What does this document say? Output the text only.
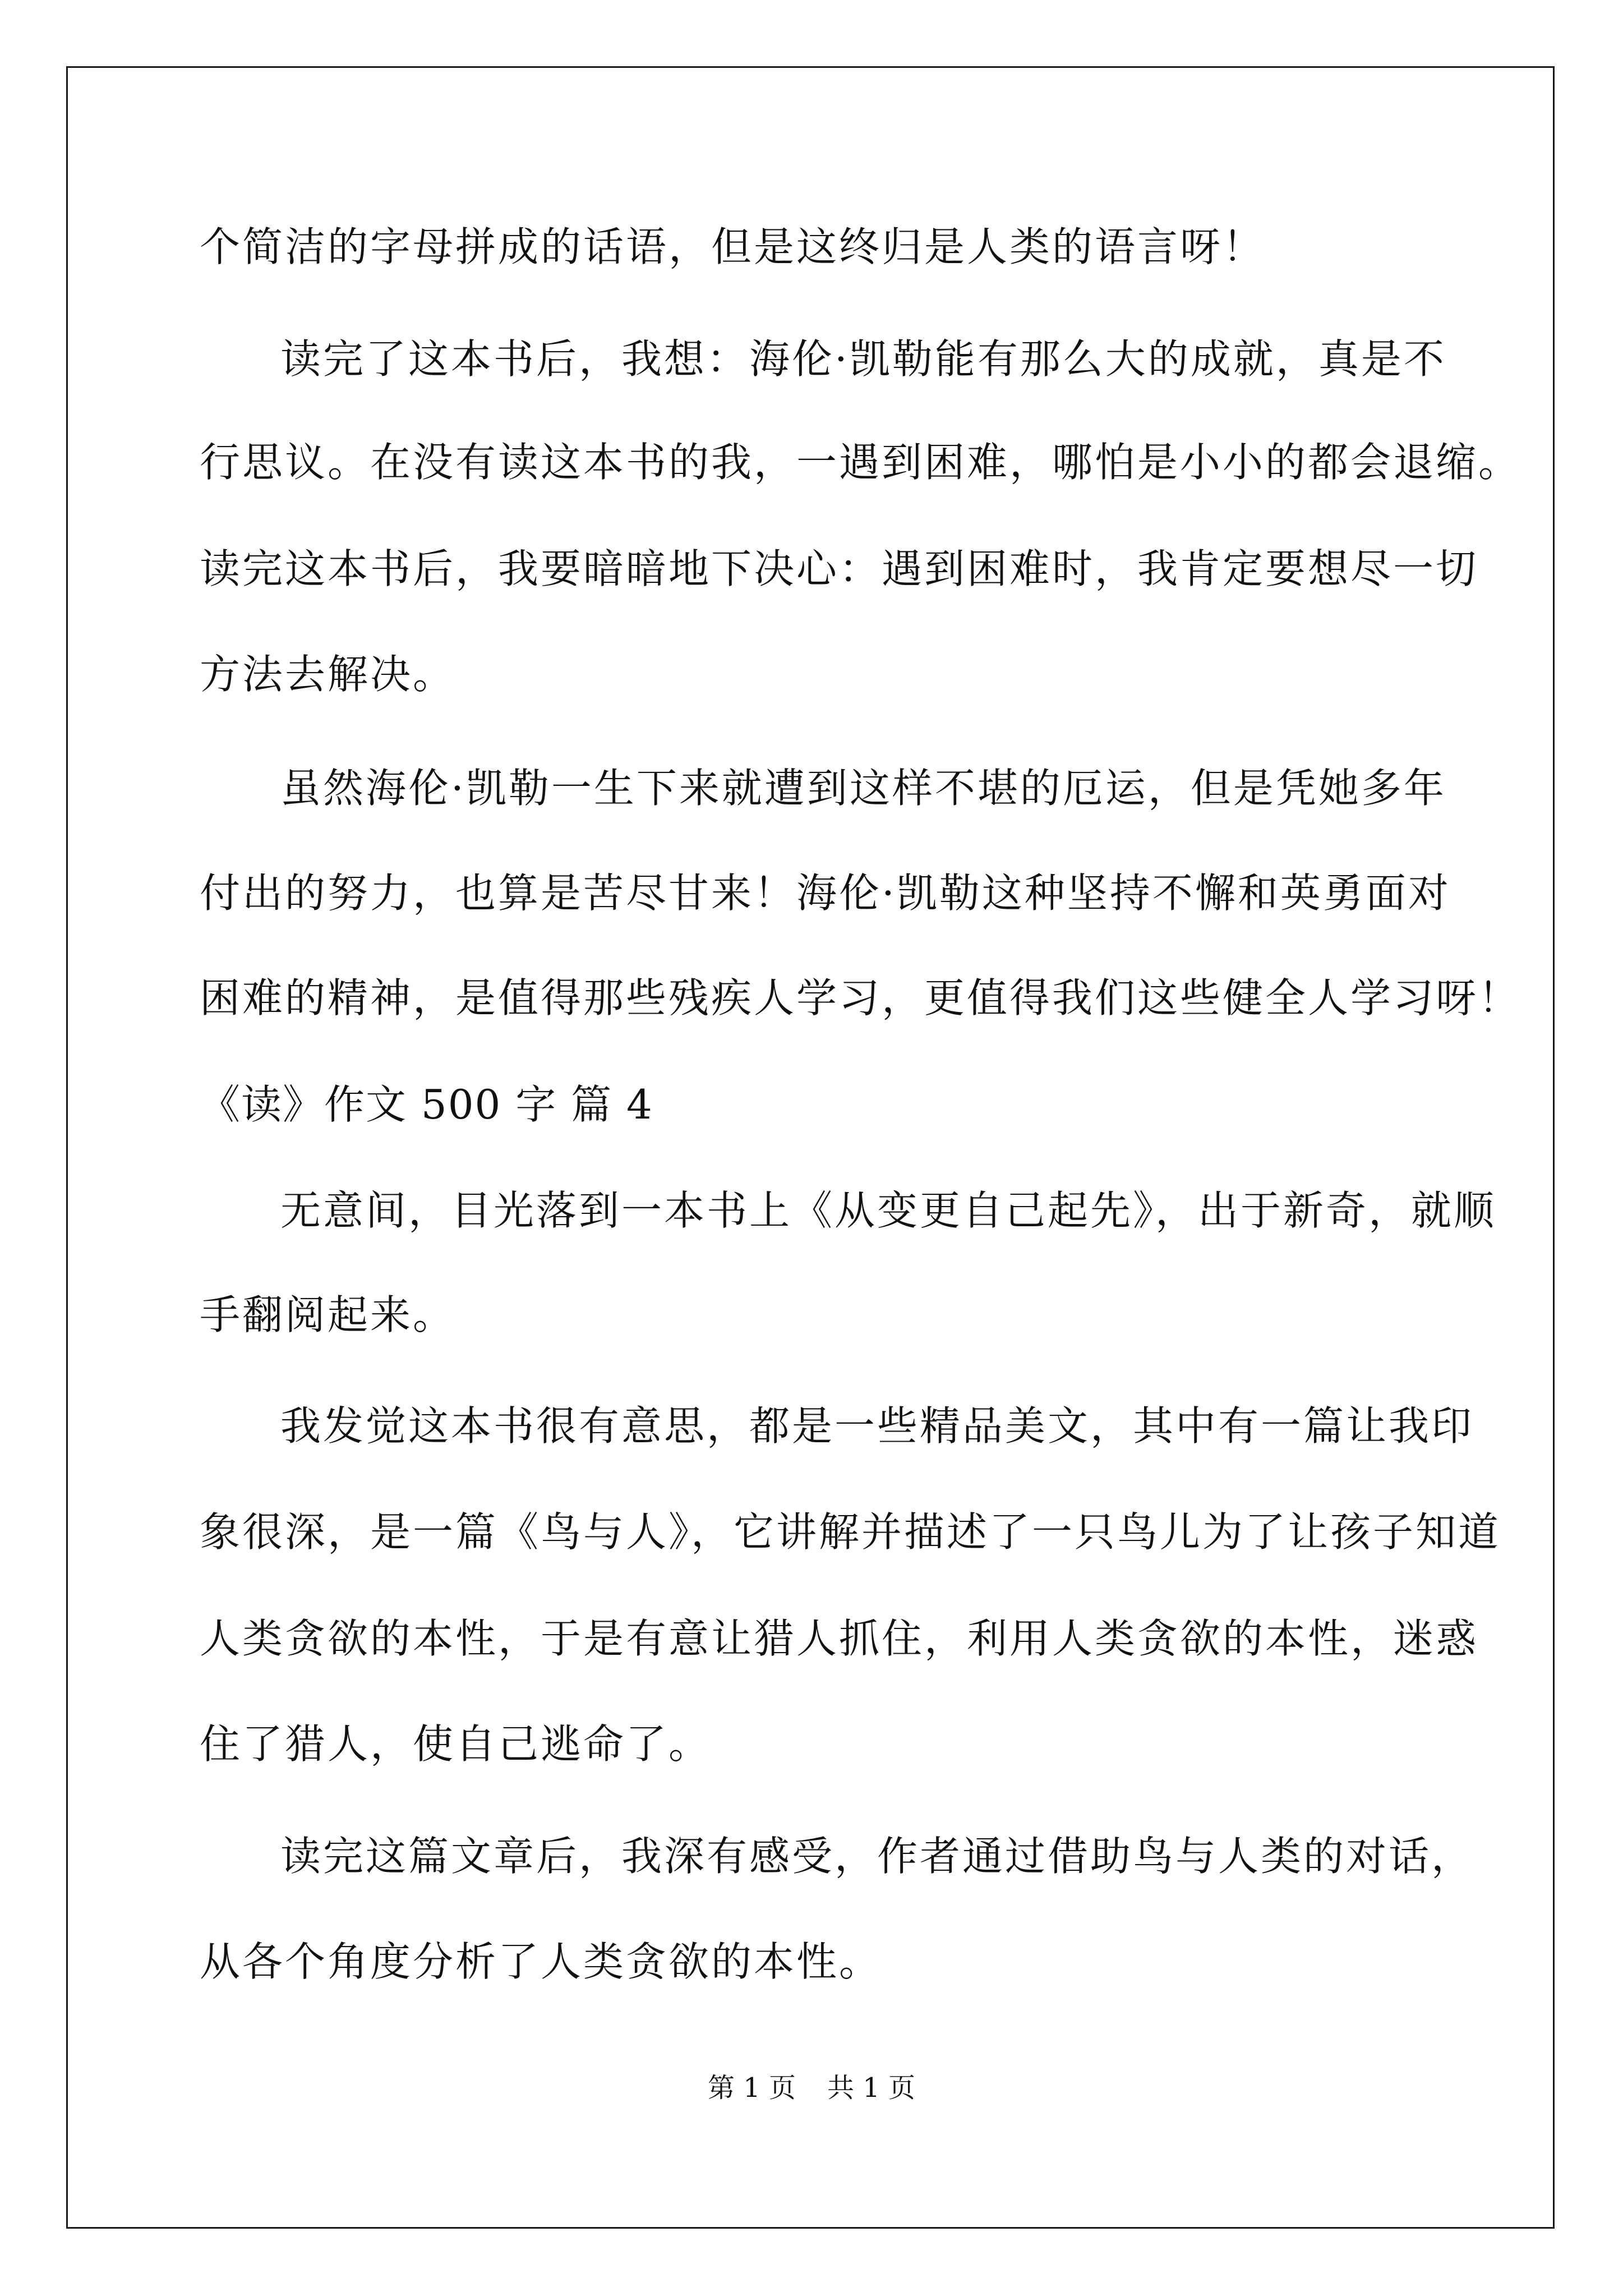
个简洁的字母拼成的话语，但是这终归是人类的语言呀！
读完了这本书后，我想：海伦·凯勒能有那么大的成就，真是不
行思议。在没有读这本书的我，一遇到困难，哪怕是小小的都会退缩。
读完这本书后，我要暗暗地下决心：遇到困难时，我肯定要想尽一切
方法去解决。
虽然海伦·凯勒一生下来就遭到这样不堪的厄运，但是凭她多年
付出的努力，也算是苦尽甘来！海伦·凯勒这种坚持不懈和英勇面对
困难的精神，是值得那些残疾人学习，更值得我们这些健全人学习呀！
《读》作文 500 字 篇 4
无意间，目光落到一本书上《从变更自己起先》，出于新奇，就顺
手翻阅起来。
我发觉这本书很有意思，都是一些精品美文，其中有一篇让我印
象很深，是一篇《鸟与人》，它讲解并描述了一只鸟儿为了让孩子知道
人类贪欲的本性，于是有意让猎人抓住，利用人类贪欲的本性，迷惑
住了猎人，使自己逃命了。
读完这篇文章后，我深有感受，作者通过借助鸟与人类的对话，
从各个角度分析了人类贪欲的本性。
第 1 页 共 1 页
